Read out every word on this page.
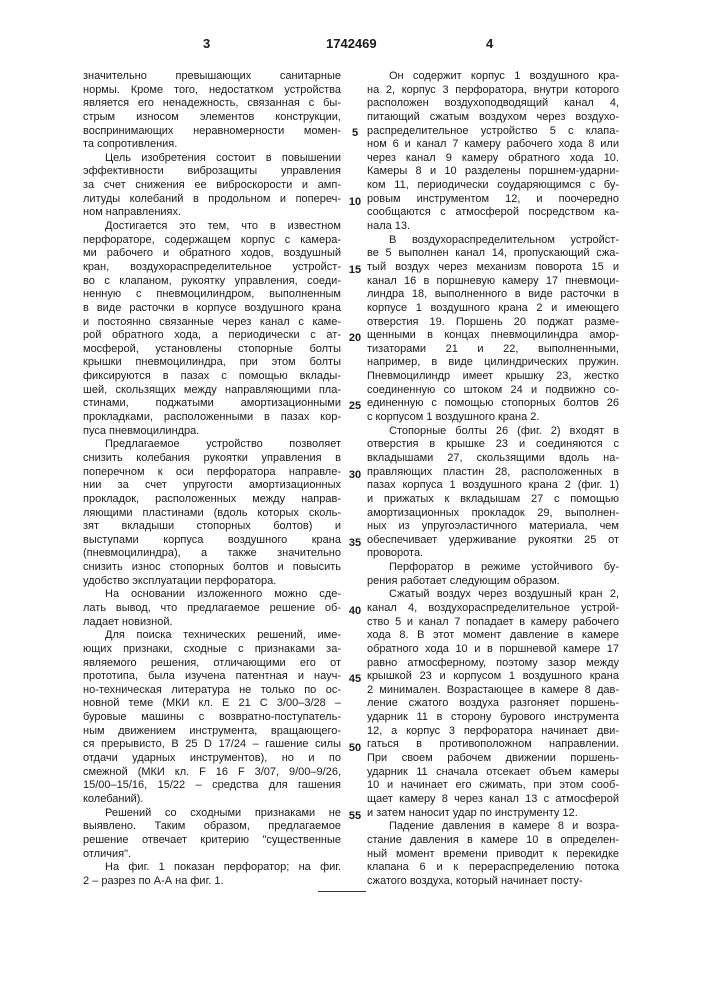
3	1742469	4
значительно превышающих санитарные
нормы. Кроме того, недостатком устройства
является его ненадежность, связанная с бы-
стрым износом элементов конструкции,
воспринимающих неравномерности момен-
та сопротивления.
Цель изобретения состоит в повышении
эффективности виброзащиты управления
за счет снижения ее виброскорости и амп-
литуды колебаний в продольном и попереч-
ном направлениях.
Достигается это тем, что в известном
перфораторе, содержащем корпус с камера-
ми рабочего и обратного ходов, воздушный
кран, воздухораспределительное устройст-
во с клапаном, рукоятку управления, соеди-
ненную с пневмоцилиндром, выполненным
в виде расточки в корпусе воздушного крана
и постоянно связанные через канал с каме-
рой обратного хода, а периодически с ат-
мосферой, установлены стопорные болты
крышки пневмоцилиндра, при этом болты
фиксируются в пазах с помощью вклады-
шей, скользящих между направляющими пла-
стинами, поджатыми амортизационными
прокладками, расположенными в пазах кор-
пуса пневмоцилиндра.
Предлагаемое устройство позволяет
снизить колебания рукоятки управления в
поперечном к оси перфоратора направле-
нии за счет упругости амортизационных
прокладок, расположенных между направ-
ляющими пластинами (вдоль которых сколь-
зят вкладыши стопорных болтов) и
выступами корпуса воздушного крана
(пневмоцилиндра), а также значительно
снизить износ стопорных болтов и повысить
удобство эксплуатации перфоратора.
На основании изложенного можно сде-
лать вывод, что предлагаемое решение об-
ладает новизной.
Для поиска технических решений, име-
ющих признаки, сходные с признаками за-
являемого решения, отличающими его от
прототипа, была изучена патентная и науч-
но-техническая литература не только по ос-
новной теме (МКИ кл. Е 21 С 3/00–3/28 –
буровые машины с возвратно-поступатель-
ным движением инструмента, вращающего-
ся прерывисто, В 25 D 17/24 – гашение силы
отдачи ударных инструментов), но и по
смежной (МКИ кл. F 16 F 3/07, 9/00–9/26,
15/00–15/16, 15/22 – средства для гашения
колебаний).
Решений со сходными признаками не
выявлено. Таким образом, предлагаемое
решение отвечает критерию "существенные
отличия".
На фиг. 1 показан перфоратор; на фиг.
2 – разрез по А-А на фиг. 1.
Он содержит корпус 1 воздушного кра-
на 2, корпус 3 перфоратора, внутри которого
расположен воздухоподводящий канал 4,
питающий сжатым воздухом через воздухо-
распределительное устройство 5 с клапа-
ном 6 и канал 7 камеру рабочего хода 8 или
через канал 9 камеру обратного хода 10.
Камеры 8 и 10 разделены поршнем-ударни-
ком 11, периодически соударяющимся с бу-
ровым инструментом 12, и поочередно
сообщаются с атмосферой посредством ка-
нала 13.
В воздухораспределительном устройст-
ве 5 выполнен канал 14, пропускающий сжа-
тый воздух через механизм поворота 15 и
канал 16 в поршневую камеру 17 пневмоци-
линдра 18, выполненного в виде расточки в
корпусе 1 воздушного крана 2 и имеющего
отверстия 19. Поршень 20 поджат разме-
щенными в концах пневмоцилиндра амор-
тизаторами 21 и 22, выполненными,
например, в виде цилиндрических пружин.
Пневмоцилиндр имеет крышку 23, жестко
соединенную со штоком 24 и подвижно со-
единенную с помощью стопорных болтов 26
с корпусом 1 воздушного крана 2.
Стопорные болты 26 (фиг. 2) входят в
отверстия в крышке 23 и соединяются с
вкладышами 27, скользящими вдоль на-
правляющих пластин 28, расположенных в
пазах корпуса 1 воздушного крана 2 (фиг. 1)
и прижатых к вкладышам 27 с помощью
амортизационных прокладок 29, выполнен-
ных из упругоэластичного материала, чем
обеспечивает удерживание рукоятки 25 от
проворота.
Перфоратор в режиме устойчивого бу-
рения работает следующим образом.
Сжатый воздух через воздушный кран 2,
канал 4, воздухораспределительное устрой-
ство 5 и канал 7 попадает в камеру рабочего
хода 8. В этот момент давление в камере
обратного хода 10 и в поршневой камере 17
равно атмосферному, поэтому зазор между
крышкой 23 и корпусом 1 воздушного крана
2 минимален. Возрастающее в камере 8 дав-
ление сжатого воздуха разгоняет поршень-
ударник 11 в сторону бурового инструмента
12, а корпус 3 перфоратора начинает дви-
гаться в противоположном направлении.
При своем рабочем движении поршень-
ударник 11 сначала отсекает объем камеры
10 и начинает его сжимать, при этом сооб-
щает камеру 8 через канал 13 с атмосферой
и затем наносит удар по инструменту 12.
Падение давления в камере 8 и возра-
стание давления в камере 10 в определен-
ный момент времени приводит к перекидке
клапана 6 и к перераспределению потока
сжатого воздуха, который начинает посту-
5
10
15
20
25
30
35
40
45
50
55
